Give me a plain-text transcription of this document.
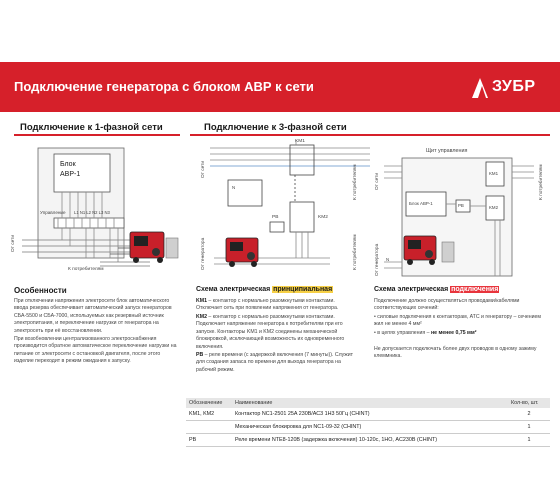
Подключение генератора с блоком АВР к сети	ЗУБР
Подключение к 1-фазной сети	Подключение к 3-фазной сети
Блок
АВР-1
Управление L1 N1 L2 N2 L3 N3
От сети
К потребителям
KM1
KM2
PB
От сети	К потребителям
От генератора	К потребителям
N
Щит управления
KM1
KM2
Блок АВР-1	PB
От сети	К потребителям
От генератора	N
Особенности
При отключении напряжения электросети блок автоматического ввода резерва обеспечивает автоматический запуск генераторов СБА-5500 и СБА-7000, используемых как резервный источник электропитания, и переключение нагрузки от генератора на электросеть при её восстановлении.
При возобновлении централизованного электроснабжения производится обратное автоматическое переключение нагрузки на питание от электросети с остановкой двигателя, после этого изделие переходит в режим ожидания к запуску.
Схема электрическая принципиальная
KM1 – контактор с нормально разомкнутыми контактами. Отключает сеть при появлении напряжения от генератора.
KM2 – контактор с нормально разомкнутыми контактами. Подключает напряжение генератора к потребителям при его запуске. Контакторы KM1 и KM2 соединены механической блокировкой, исключающей возможность их одновременного включения.
PB – реле времени (с задержкой включения (7 минуты)). Служит для создания запаса по времени для выхода генератора на рабочий режим.
Схема электрическая подключения
Подключение должно осуществляться проводами/кабелями соответствующих сечений:
• силовые подключения к контакторам, АТС и генератору – сечением жил не менее 4 мм²
• в цепях управления – не менее 0,75 мм²
Не допускается подключать более двух проводов в одному зажиму клеммника.
Обозначение	Наименование	Кол-во, шт.
KM1, KM2	Контактор NC1-2501 25A 230В/АС3 1Н3 50Гц (CHINT)	2
	Механическая блокировка для NC1-09-32 (CHINT)	1
PB	Реле времени NTE8-120B (задержка включения) 10-120с, 1НО, AC230В (CHINT)	1
